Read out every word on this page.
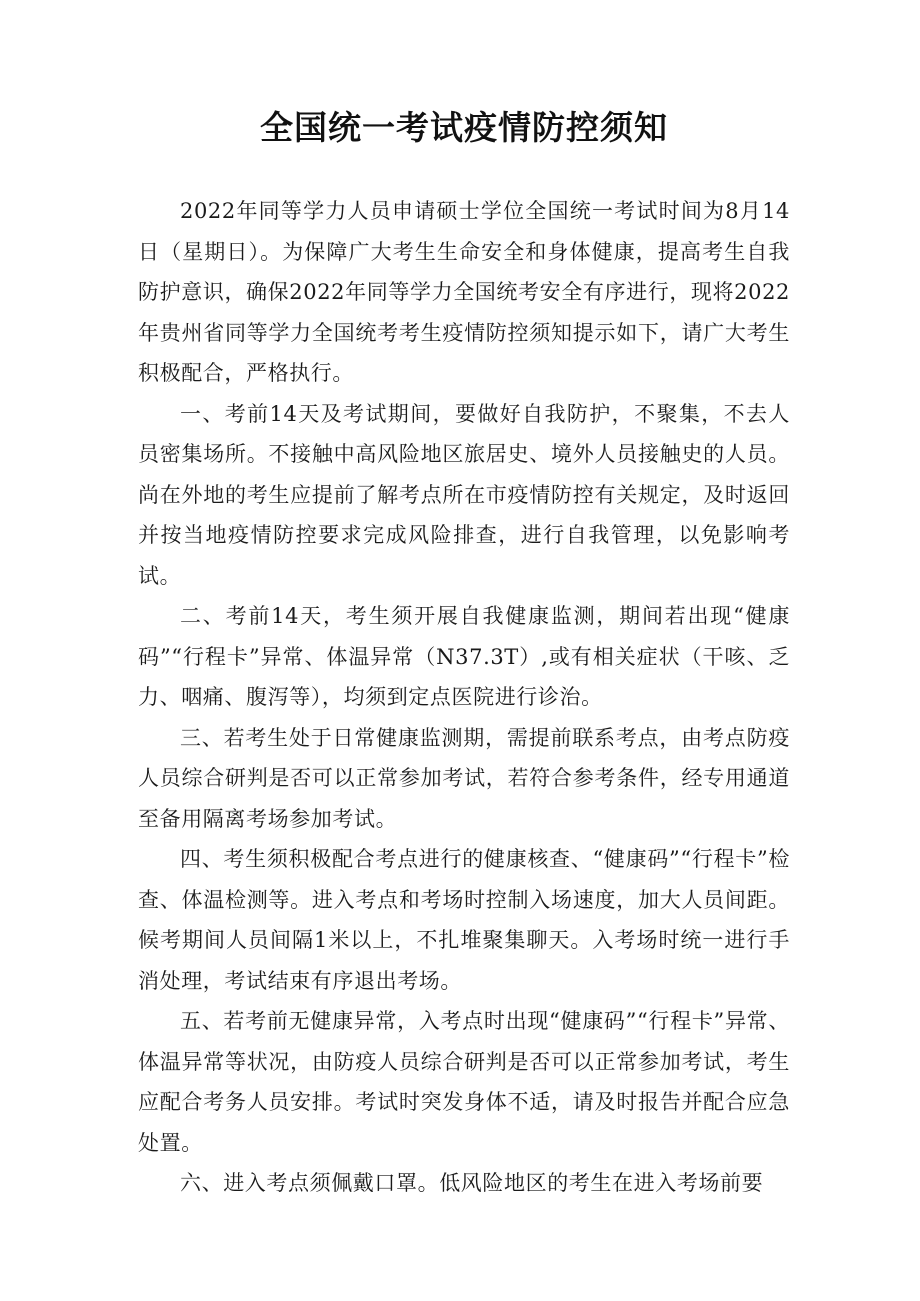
全国统一考试疫情防控须知

2022年同等学力人员申请硕士学位全国统一考试时间为8月14日（星期日）。为保障广大考生生命安全和身体健康，提高考生自我防护意识，确保2022年同等学力全国统考安全有序进行，现将2022年贵州省同等学力全国统考考生疫情防控须知提示如下，请广大考生积极配合，严格执行。

一、考前14天及考试期间，要做好自我防护，不聚集，不去人员密集场所。不接触中高风险地区旅居史、境外人员接触史的人员。尚在外地的考生应提前了解考点所在市疫情防控有关规定，及时返回并按当地疫情防控要求完成风险排查，进行自我管理，以免影响考试。

二、考前14天，考生须开展自我健康监测，期间若出现“健康码”“行程卡”异常、体温异常（N37.3T）,或有相关症状（干咳、乏力、咽痛、腹泻等），均须到定点医院进行诊治。

三、若考生处于日常健康监测期，需提前联系考点，由考点防疫人员综合研判是否可以正常参加考试，若符合参考条件，经专用通道至备用隔离考场参加考试。

四、考生须积极配合考点进行的健康核查、“健康码”“行程卡”检查、体温检测等。进入考点和考场时控制入场速度，加大人员间距。候考期间人员间隔1米以上，不扎堆聚集聊天。入考场时统一进行手消处理，考试结束有序退出考场。

五、若考前无健康异常，入考点时出现“健康码”“行程卡”异常、体温异常等状况，由防疫人员综合研判是否可以正常参加考试，考生应配合考务人员安排。考试时突发身体不适，请及时报告并配合应急处置。

六、进入考点须佩戴口罩。低风险地区的考生在进入考场前要
